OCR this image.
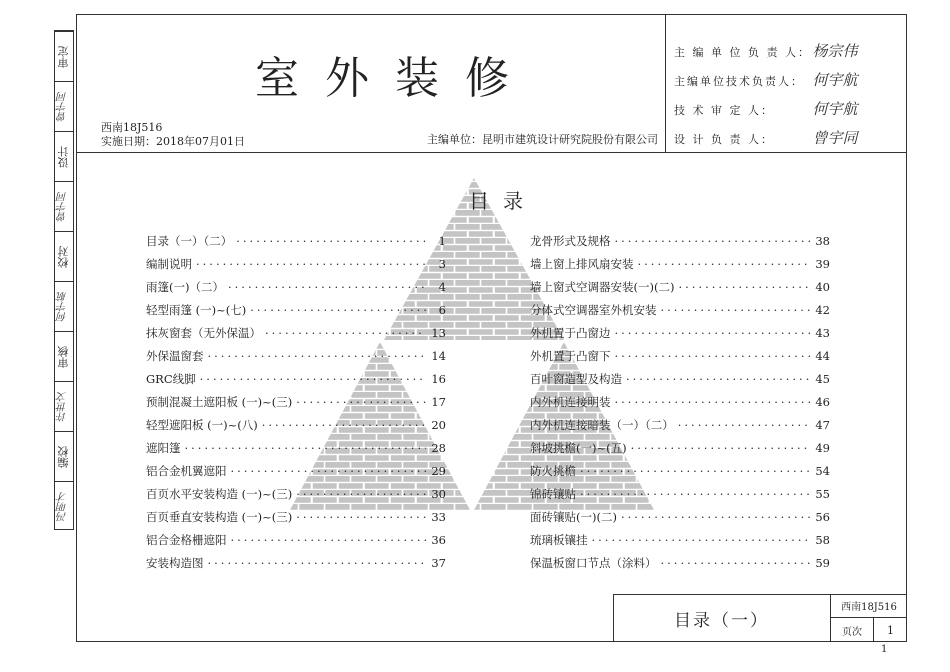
审定
曾宇同
设计
曾宇同
校对
何宇航
审核
许世文
编校
冯明才
室外装修
西南18J516
实施日期：2018年07月01日	主编单位：昆明市建筑设计研究院股份有限公司
主 编 单 位 负 责 人： 杨宗伟
主编单位技术负责人： 何宇航
技 术 审 定 人：	何宇航
设 计 负 责 人：	曾宇同
目录
目录（一）（二） ·····	1
编制说明 ·····	3
雨篷(一)（二） ·····	4
轻型雨篷 (一)~(七) ·····	6
抹灰窗套（无外保温） ·····	13
外保温窗套 ·····	14
GRC线脚 ·····	16
预制混凝土遮阳板 (一)~(三) ·····	17
轻型遮阳板 (一)~(八) ·····	20
遮阳篷 ·····	28
铝合金机翼遮阳 ·····	29
百页水平安装构造 (一)~(三) ·····	30
百页垂直安装构造 (一)~(三) ·····	33
铝合金格栅遮阳 ·····	36
安装构造图 ·····	37
龙骨形式及规格 ·····	38
墙上窗上排风扇安装 ·····	39
墙上窗式空调器安装(一)(二) ·····	40
分体式空调器室外机安装 ·····	42
外机置于凸窗边 ·····	43
外机置于凸窗下 ·····	44
百叶窗造型及构造 ·····	45
内外机连接明装 ·····	46
内外机连接暗装（一）（二） ·····	47
斜坡挑檐(一)~(五) ·····	49
防火挑檐 ·····	54
锦砖镶贴 ·····	55
面砖镶贴(一)(二) ·····	56
琉璃板镶挂 ·····	58
保温板窗口节点（涂料） ·····	59
目录（一）
西南18J516
页次	1
1
